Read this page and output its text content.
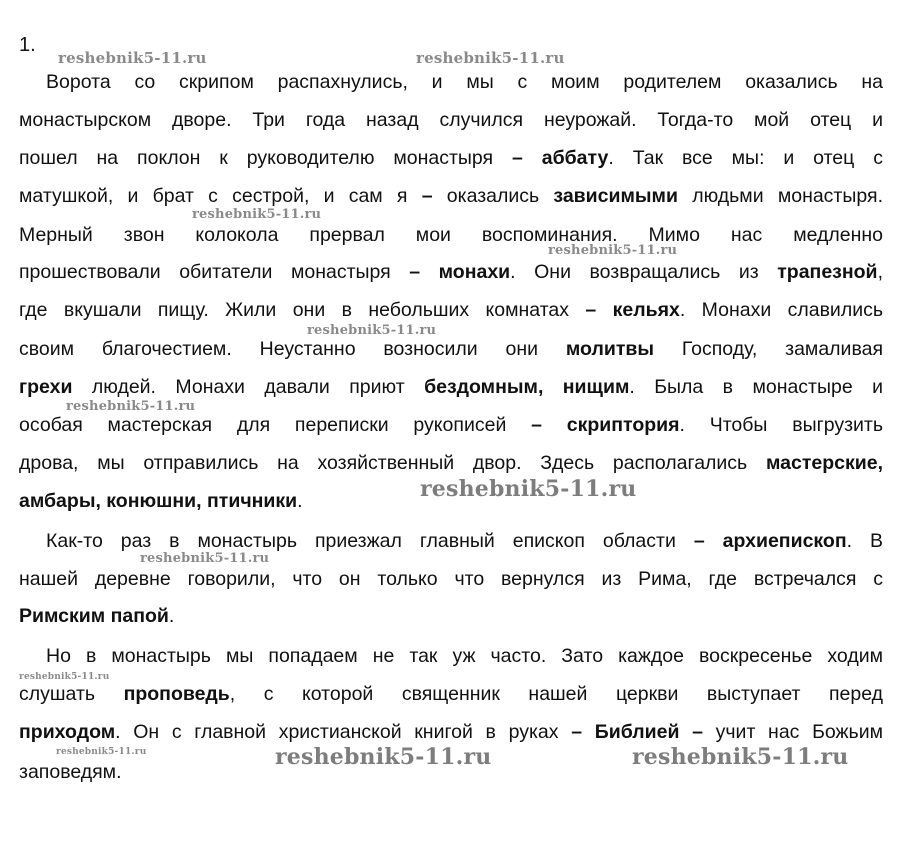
1.
Ворота со скрипом распахнулись, и мы с моим родителем оказались на
монастырском дворе. Три года назад случился неурожай. Тогда-то мой отец и
пошел на поклон к руководителю монастыря – аббату. Так все мы: и отец с
матушкой, и брат с сестрой, и сам я – оказались зависимыми людьми монастыря.
Мерный звон колокола прервал мои воспоминания. Мимо нас медленно
прошествовали обитатели монастыря – монахи. Они возвращались из трапезной,
где вкушали пищу. Жили они в небольших комнатах – кельях. Монахи славились
своим благочестием. Неустанно возносили они молитвы Господу, замаливая
грехи людей. Монахи давали приют бездомным, нищим. Была в монастыре и
особая мастерская для переписки рукописей – скриптория. Чтобы выгрузить
дрова, мы отправились на хозяйственный двор. Здесь располагались мастерские,
амбары, конюшни, птичники.
Как-то раз в монастырь приезжал главный епископ области – архиепископ. В
нашей деревне говорили, что он только что вернулся из Рима, где встречался с
Римским папой.
Но в монастырь мы попадаем не так уж часто. Зато каждое воскресенье ходим
слушать проповедь, с которой священник нашей церкви выступает перед
приходом. Он с главной христианской книгой в руках – Библией – учит нас Божьим
заповедям.
reshebnik5-11.ru	reshebnik5-11.ru
reshebnik5-11.ru
reshebnik5-11.ru
reshebnik5-11.ru
reshebnik5-11.ru
reshebnik5-11.ru
reshebnik5-11.ru
reshebnik5-11.ru
reshebnik5-11.ru	reshebnik5-11.ru	reshebnik5-11.ru
